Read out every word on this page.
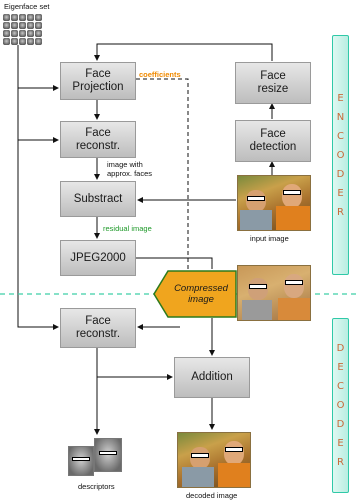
Eigenface set
Face
Projection
Face
reconstr.
Substract
JPEG2000
Face
resize
Face
detection
Face
reconstr.
Addition
Compressed
image
coefficients
image with
approx. faces
residual image
input image
descriptors
decoded image
E
N
C
O
D
E
R
D
E
C
O
D
E
R
